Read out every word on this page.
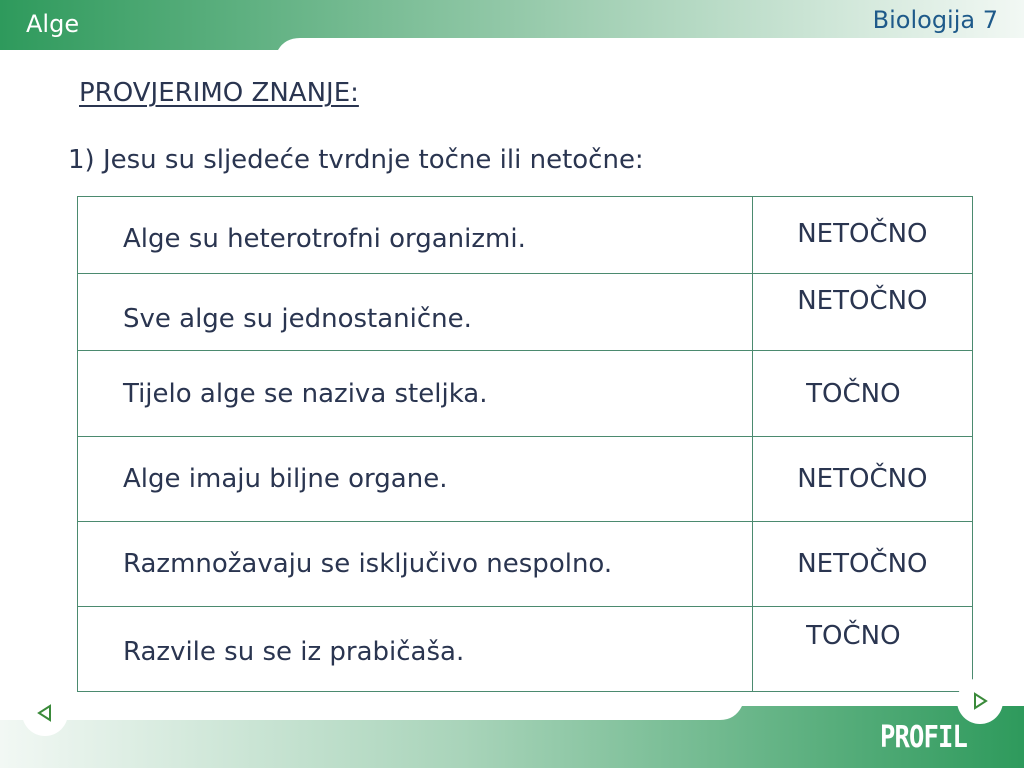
Alge	Biologija 7
PROVJERIMO ZNANJE:
1) Jesu su sljedeće tvrdnje točne ili netočne:
Alge su heterotrofni organizmi.	NETOČNO
Sve alge su jednostanične.	NETOČNO
Tijelo alge se naziva steljka.	TOČNO
Alge imaju biljne organe.	NETOČNO
Razmnožavaju se isključivo nespolno.	NETOČNO
Razvile su se iz prabičaša.	TOČNO
PROFIL
